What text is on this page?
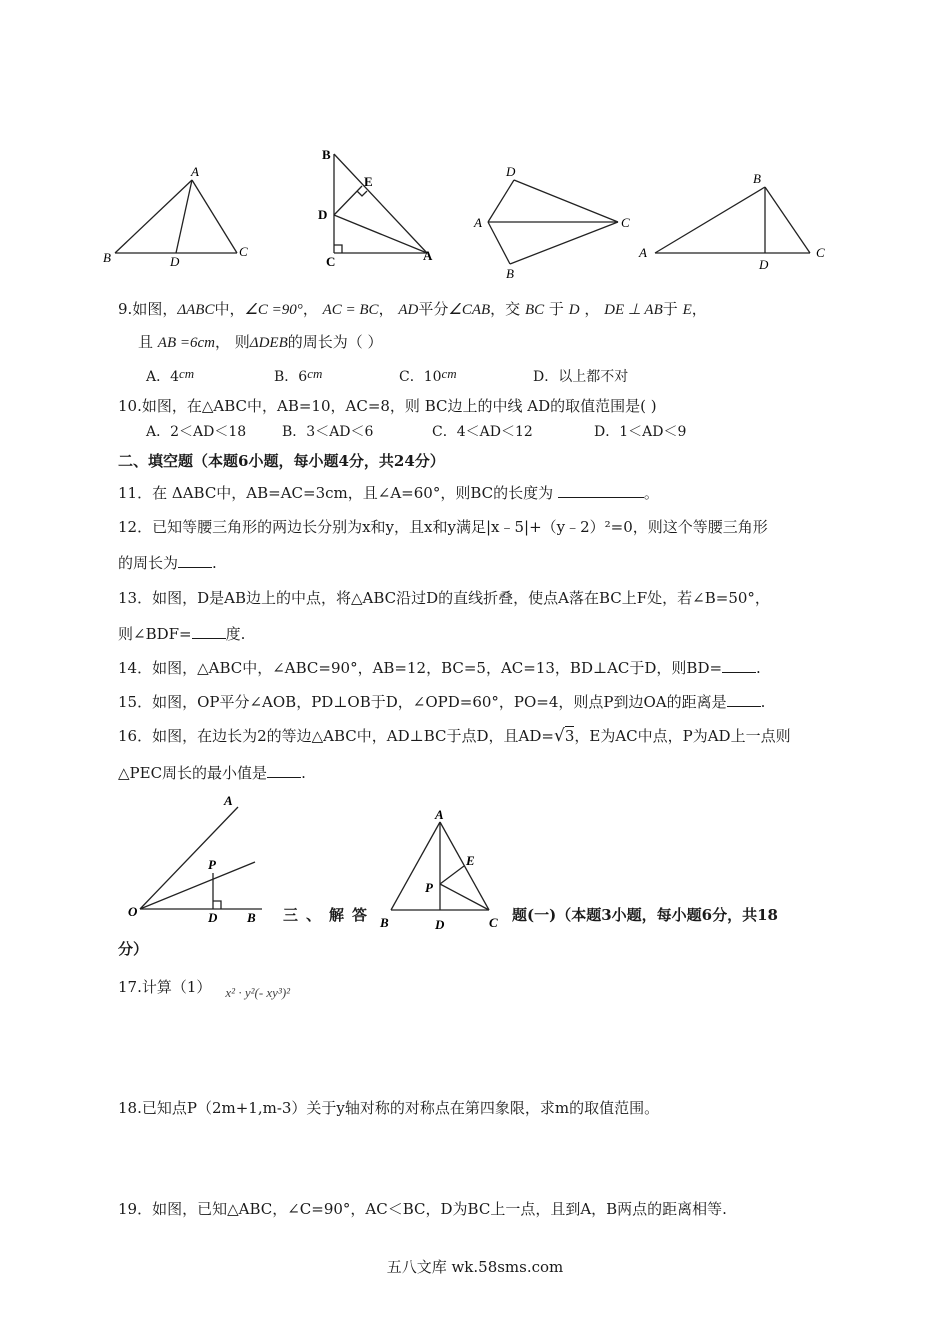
A
B	D
C
B
E
D
C	A
D
A	C
B
B
A
D
C
9.如图，ΔABC中，∠C =90°， AC = BC， AD平分∠CAB，交 BC 于 D ， DE ⊥ AB于 E，
且 AB =6cm， 则ΔDEB的周长为（ ）
A．4cm	B．6cm	C．10cm	D．以上都不对
10.如图，在△ABC中，AB=10，AC=8，则 BC边上的中线 AD的取值范围是( )
A．2＜AD＜18	B．3＜AD＜6	C．4＜AD＜12	D．1＜AD＜9
二、填空题（本题6小题，每小题4分，共24分）
11．在 ΔABC中，AB=AC=3cm，且∠A=60°，则BC的长度为	。
12．已知等腰三角形的两边长分别为x和y，且x和y满足|x﹣5|+（y﹣2）²=0，则这个等腰三角形
的周长为 .
13．如图，D是AB边上的中点，将△ABC沿过D的直线折叠，使点A落在BC上F处，若∠B=50°，
则∠BDF= 度.
14．如图，△ABC中，∠ABC=90°，AB=12，BC=5，AC=13，BD⊥AC于D，则BD= .
15．如图，OP平分∠AOB，PD⊥OB于D，∠OPD=60°，PO=4，则点P到边OA的距离是 .
16．如图，在边长为2的等边△ABC中，AD⊥BC于点D，且AD=√3，E为AC中点，P为AD上一点则
△PEC周长的最小值是 .
A
P
O	D B
A
E
P
B	D	C
三、解答	题(一)（本题3小题，每小题6分，共18
分）
17.计算（1） x² · y²(- xy³)²
18.已知点P（2m+1,m-3）关于y轴对称的对称点在第四象限，求m的取值范围。
19．如图，已知△ABC，∠C=90°，AC＜BC，D为BC上一点，且到A，B两点的距离相等.
五八文库 wk.58sms.com
